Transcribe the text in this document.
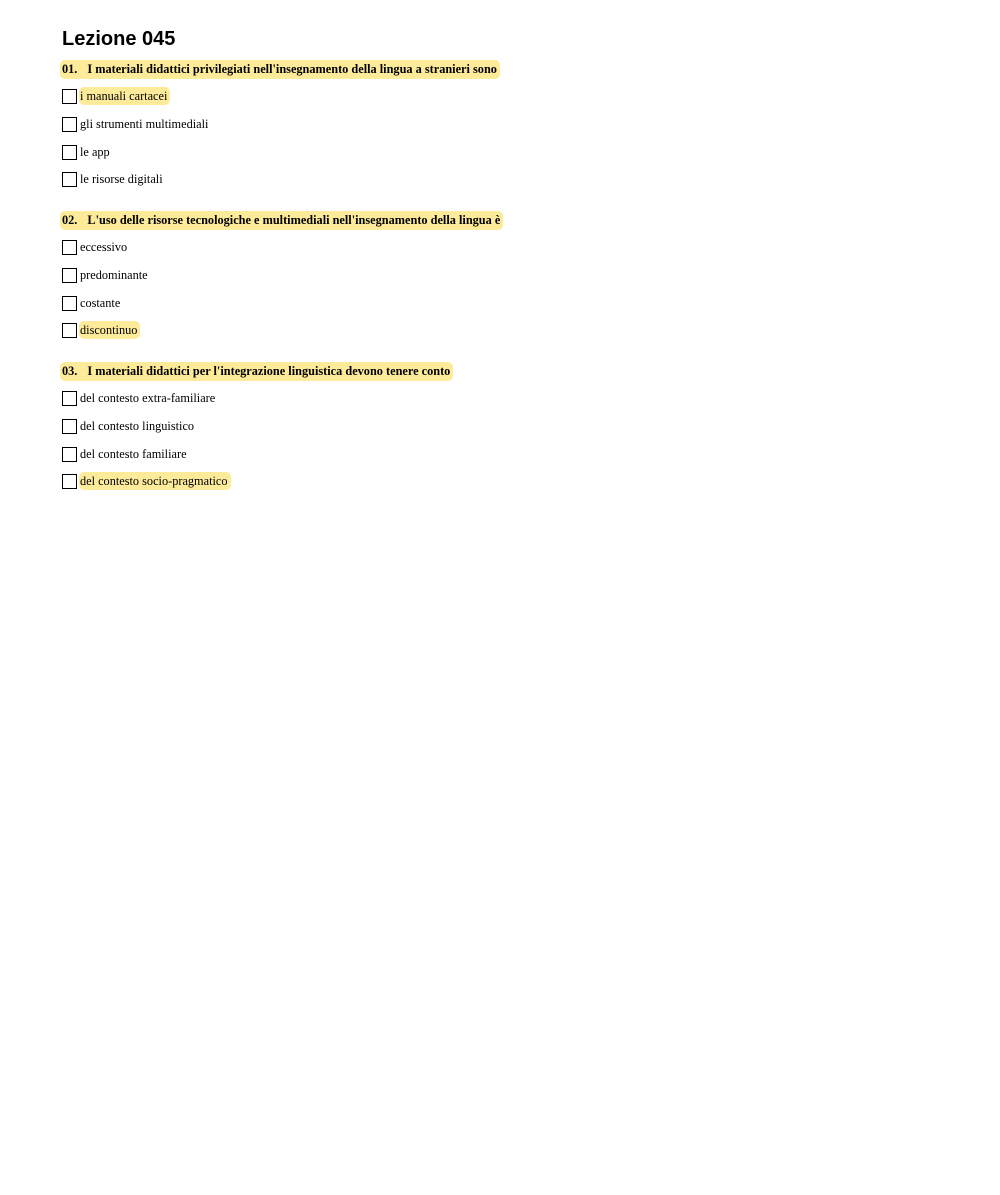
Lezione 045
01. I materiali didattici privilegiati nell'insegnamento della lingua a stranieri sono
i manuali cartacei
gli strumenti multimediali
le app
le risorse digitali
02. L'uso delle risorse tecnologiche e multimediali nell'insegnamento della lingua è
eccessivo
predominante
costante
discontinuo
03. I materiali didattici per l'integrazione linguistica devono tenere conto
del contesto extra-familiare
del contesto linguistico
del contesto familiare
del contesto socio-pragmatico
